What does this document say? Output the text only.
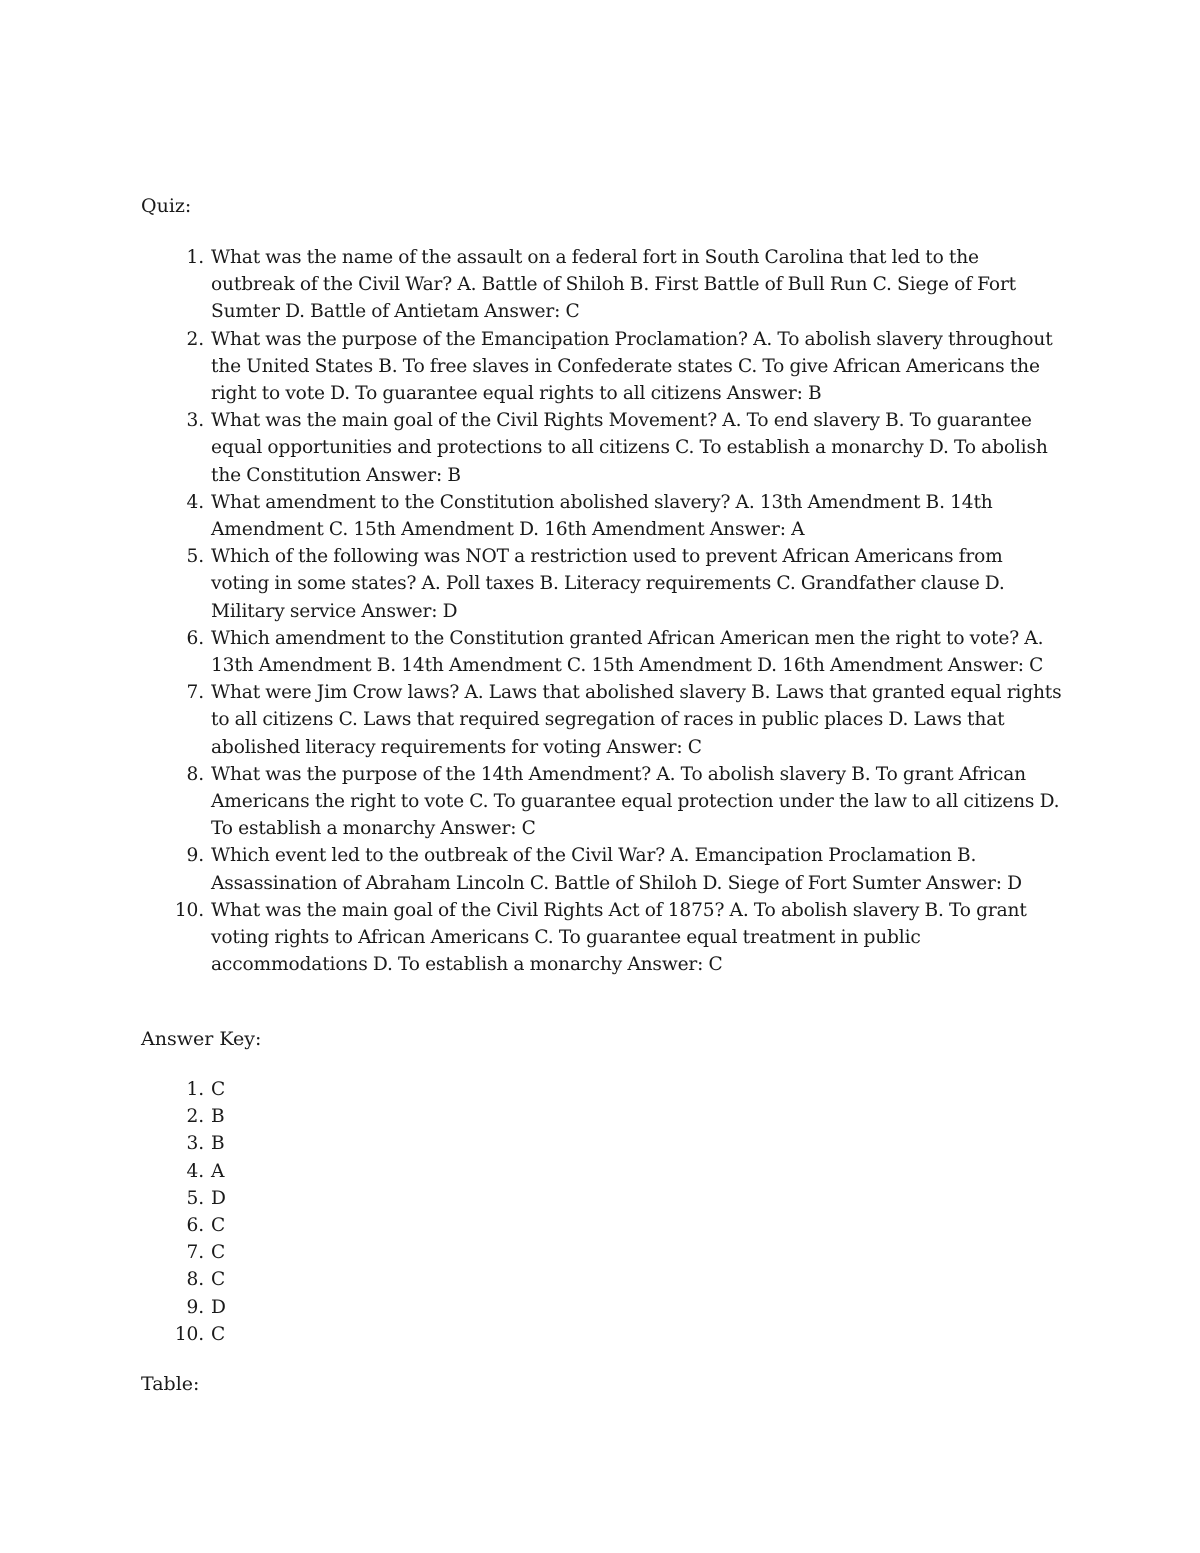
Quiz:
1. What was the name of the assault on a federal fort in South Carolina that led to the outbreak of the Civil War? A. Battle of Shiloh B. First Battle of Bull Run C. Siege of Fort Sumter D. Battle of Antietam Answer: C
2. What was the purpose of the Emancipation Proclamation? A. To abolish slavery throughout the United States B. To free slaves in Confederate states C. To give African Americans the right to vote D. To guarantee equal rights to all citizens Answer: B
3. What was the main goal of the Civil Rights Movement? A. To end slavery B. To guarantee equal opportunities and protections to all citizens C. To establish a monarchy D. To abolish the Constitution Answer: B
4. What amendment to the Constitution abolished slavery? A. 13th Amendment B. 14th Amendment C. 15th Amendment D. 16th Amendment Answer: A
5. Which of the following was NOT a restriction used to prevent African Americans from voting in some states? A. Poll taxes B. Literacy requirements C. Grandfather clause D. Military service Answer: D
6. Which amendment to the Constitution granted African American men the right to vote? A. 13th Amendment B. 14th Amendment C. 15th Amendment D. 16th Amendment Answer: C
7. What were Jim Crow laws? A. Laws that abolished slavery B. Laws that granted equal rights to all citizens C. Laws that required segregation of races in public places D. Laws that abolished literacy requirements for voting Answer: C
8. What was the purpose of the 14th Amendment? A. To abolish slavery B. To grant African Americans the right to vote C. To guarantee equal protection under the law to all citizens D. To establish a monarchy Answer: C
9. Which event led to the outbreak of the Civil War? A. Emancipation Proclamation B. Assassination of Abraham Lincoln C. Battle of Shiloh D. Siege of Fort Sumter Answer: D
10. What was the main goal of the Civil Rights Act of 1875? A. To abolish slavery B. To grant voting rights to African Americans C. To guarantee equal treatment in public accommodations D. To establish a monarchy Answer: C
Answer Key:
1. C
2. B
3. B
4. A
5. D
6. C
7. C
8. C
9. D
10. C
Table:
